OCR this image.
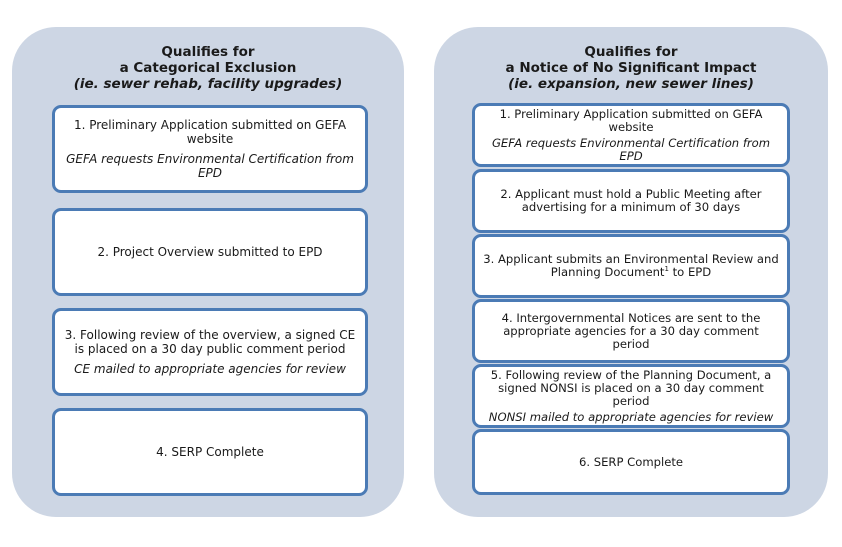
Qualifies for
a Categorical Exclusion
(ie. sewer rehab, facility upgrades)
1. Preliminary Application submitted on GEFA website
GEFA requests Environmental Certification from EPD
2. Project Overview submitted to EPD
3. Following review of the overview, a signed CE is placed on a 30 day public comment period
CE mailed to appropriate agencies for review
4. SERP Complete
Qualifies for
a Notice of No Significant Impact
(ie. expansion, new sewer lines)
1. Preliminary Application submitted on GEFA website
GEFA requests Environmental Certification from EPD
2. Applicant must hold a Public Meeting after advertising for a minimum of 30 days
3. Applicant submits an Environmental Review and Planning Document$^1$ to EPD
4. Intergovernmental Notices are sent to the appropriate agencies for a 30 day comment period
5. Following review of the Planning Document, a signed NONSI is placed on a 30 day comment period
NONSI mailed to appropriate agencies for review
6. SERP Complete
